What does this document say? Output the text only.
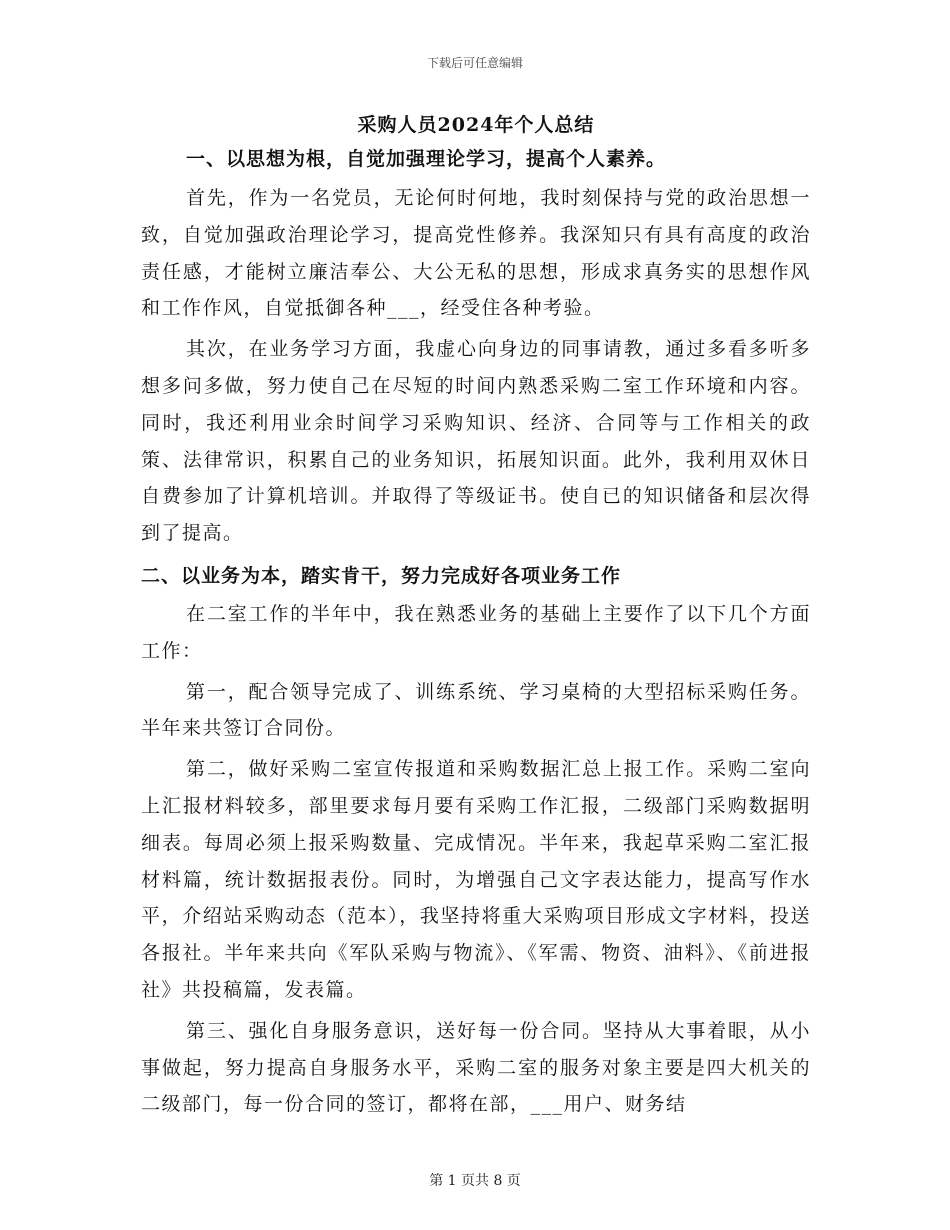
下载后可任意编辑
采购人员2024年个人总结

一、以思想为根，自觉加强理论学习，提高个人素养。

首先，作为一名党员，无论何时何地，我时刻保持与党的政治思想一致，自觉加强政治理论学习，提高党性修养。我深知只有具有高度的政治责任感，才能树立廉洁奉公、大公无私的思想，形成求真务实的思想作风和工作作风，自觉抵御各种___，经受住各种考验。

其次，在业务学习方面，我虚心向身边的同事请教，通过多看多听多想多问多做，努力使自己在尽短的时间内熟悉采购二室工作环境和内容。同时，我还利用业余时间学习采购知识、经济、合同等与工作相关的政策、法律常识，积累自己的业务知识，拓展知识面。此外，我利用双休日自费参加了计算机培训。并取得了等级证书。使自已的知识储备和层次得到了提高。

二、以业务为本，踏实肯干，努力完成好各项业务工作

在二室工作的半年中，我在熟悉业务的基础上主要作了以下几个方面工作：

第一，配合领导完成了、训练系统、学习桌椅的大型招标采购任务。半年来共签订合同份。

第二，做好采购二室宣传报道和采购数据汇总上报工作。采购二室向上汇报材料较多，部里要求每月要有采购工作汇报，二级部门采购数据明细表。每周必须上报采购数量、完成情况。半年来，我起草采购二室汇报材料篇，统计数据报表份。同时，为增强自己文字表达能力，提高写作水平，介绍站采购动态（范本），我坚持将重大采购项目形成文字材料，投送各报社。半年来共向《军队采购与物流》、《军需、物资、油料》、《前进报社》共投稿篇，发表篇。

第三、强化自身服务意识，送好每一份合同。坚持从大事着眼，从小事做起，努力提高自身服务水平，采购二室的服务对象主要是四大机关的二级部门，每一份合同的签订，都将在部，___用户、财务结

第 1 页共 8 页
